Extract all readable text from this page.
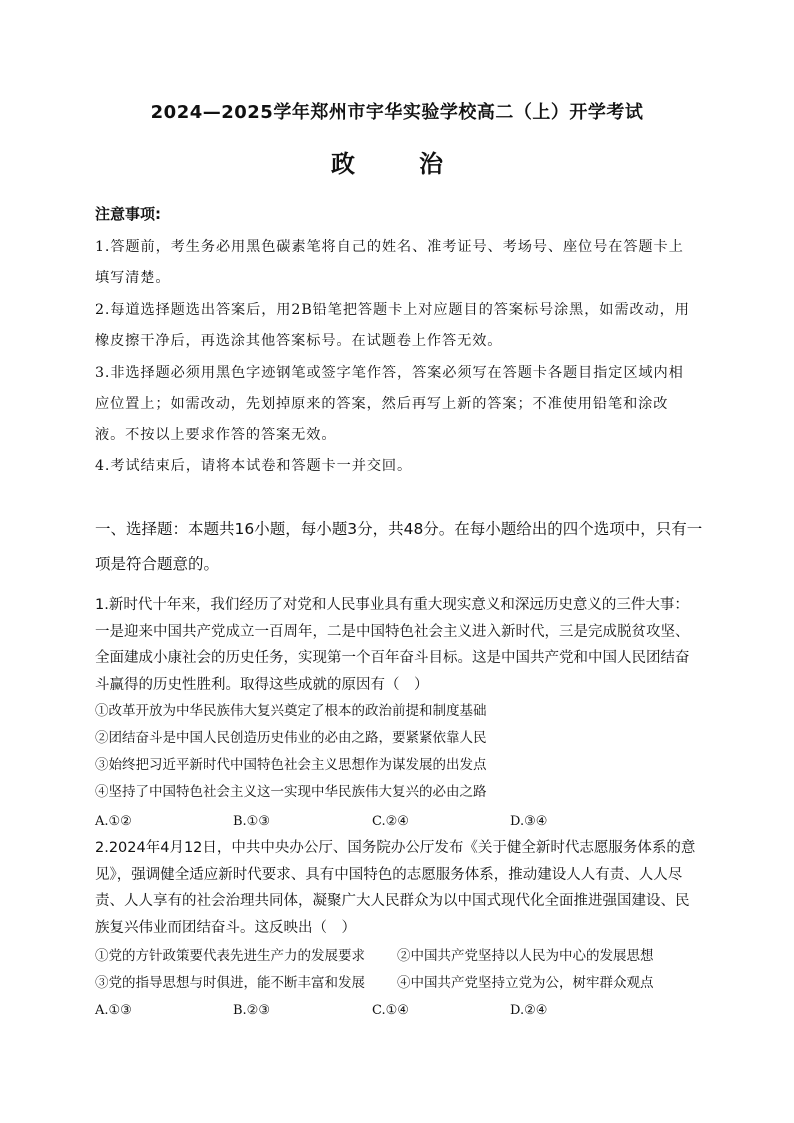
2024—2025学年郑州市宇华实验学校高二（上）开学考试
政　治
注意事项:
1.答题前，考生务必用黑色碳素笔将自己的姓名、准考证号、考场号、座位号在答题卡上填写清楚。
2.每道选择题选出答案后，用2B铅笔把答题卡上对应题目的答案标号涂黑，如需改动，用橡皮擦干净后，再选涂其他答案标号。在试题卷上作答无效。
3.非选择题必须用黑色字迹钢笔或签字笔作答，答案必须写在答题卡各题目指定区域内相应位置上；如需改动，先划掉原来的答案，然后再写上新的答案；不准使用铅笔和涂改液。不按以上要求作答的答案无效。
4.考试结束后，请将本试卷和答题卡一并交回。
一、选择题：本题共16小题，每小题3分，共48分。在每小题给出的四个选项中，只有一项是符合题意的。
1.新时代十年来，我们经历了对党和人民事业具有重大现实意义和深远历史意义的三件大事：一是迎来中国共产党成立一百周年，二是中国特色社会主义进入新时代，三是完成脱贫攻坚、全面建成小康社会的历史任务，实现第一个百年奋斗目标。这是中国共产党和中国人民团结奋斗赢得的历史性胜利。取得这些成就的原因有（　）
①改革开放为中华民族伟大复兴奠定了根本的政治前提和制度基础
②团结奋斗是中国人民创造历史伟业的必由之路，要紧紧依靠人民
③始终把习近平新时代中国特色社会主义思想作为谋发展的出发点
④坚持了中国特色社会主义这一实现中华民族伟大复兴的必由之路
A.①②	B.①③	C.②④	D.③④
2.2024年4月12日，中共中央办公厅、国务院办公厅发布《关于健全新时代志愿服务体系的意见》，强调健全适应新时代要求、具有中国特色的志愿服务体系，推动建设人人有责、人人尽责、人人享有的社会治理共同体，凝聚广大人民群众为以中国式现代化全面推进强国建设、民族复兴伟业而团结奋斗。这反映出（　）
①党的方针政策要代表先进生产力的发展要求 ②中国共产党坚持以人民为中心的发展思想
③党的指导思想与时俱进，能不断丰富和发展 ④中国共产党坚持立党为公，树牢群众观点
A.①③	B.②③	C.①④	D.②④
